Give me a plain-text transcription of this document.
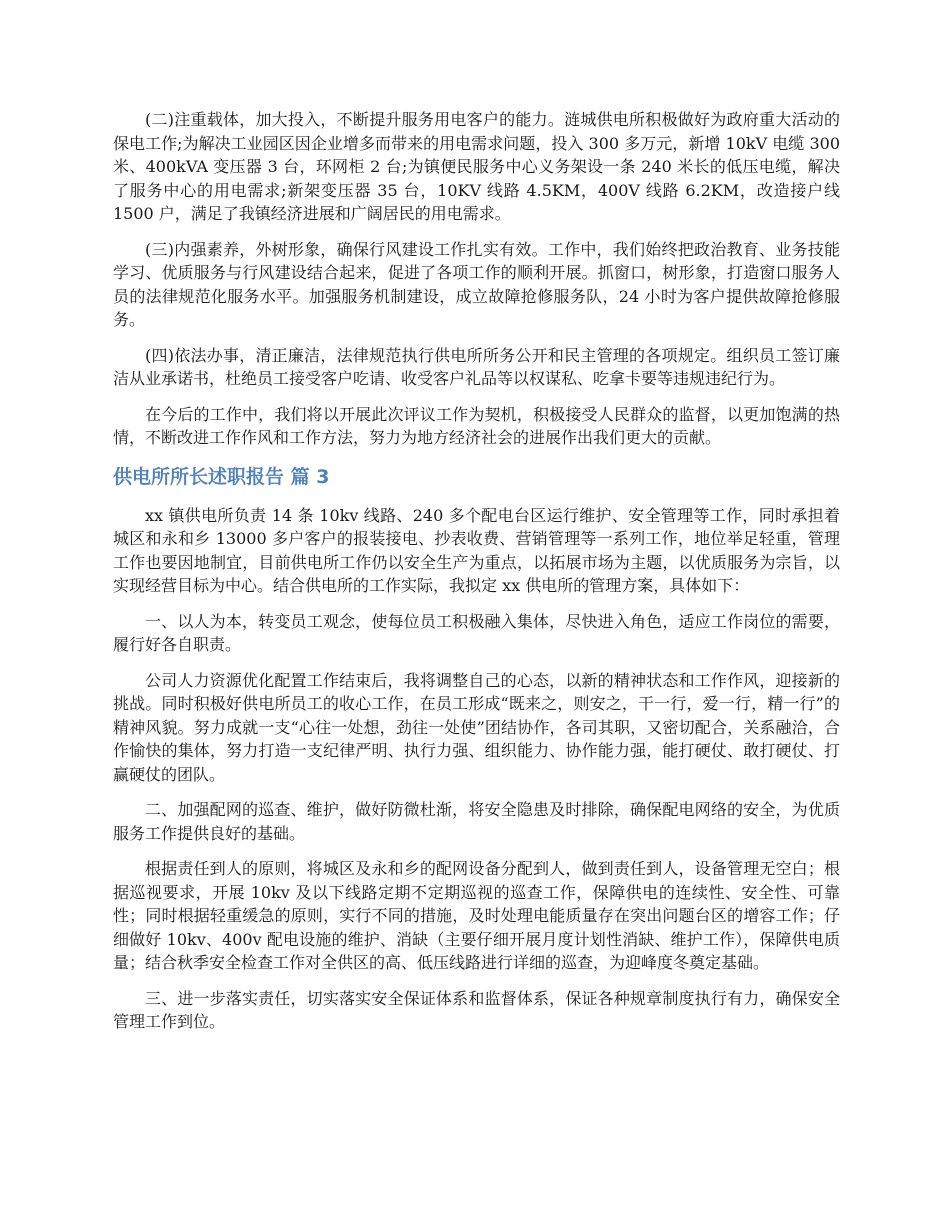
(二)注重载体，加大投入，不断提升服务用电客户的能力。涟城供电所积极做好为政府重大活动的保电工作;为解决工业园区因企业增多而带来的用电需求问题，投入 300 多万元，新增 10kV 电缆 300 米、400kVA 变压器 3 台，环网柜 2 台;为镇便民服务中心义务架设一条 240 米长的低压电缆，解决了服务中心的用电需求;新架变压器 35 台，10KV 线路 4.5KM，400V 线路 6.2KM，改造接户线 1500 户，满足了我镇经济进展和广阔居民的用电需求。

(三)内强素养，外树形象，确保行风建设工作扎实有效。工作中，我们始终把政治教育、业务技能学习、优质服务与行风建设结合起来，促进了各项工作的顺利开展。抓窗口，树形象，打造窗口服务人员的法律规范化服务水平。加强服务机制建设，成立故障抢修服务队，24 小时为客户提供故障抢修服务。

(四)依法办事，清正廉洁，法律规范执行供电所所务公开和民主管理的各项规定。组织员工签订廉洁从业承诺书，杜绝员工接受客户吃请、收受客户礼品等以权谋私、吃拿卡要等违规违纪行为。

在今后的工作中，我们将以开展此次评议工作为契机，积极接受人民群众的监督，以更加饱满的热情，不断改进工作作风和工作方法，努力为地方经济社会的进展作出我们更大的贡献。

供电所所长述职报告 篇 3

xx 镇供电所负责 14 条 10kv 线路、240 多个配电台区运行维护、安全管理等工作，同时承担着城区和永和乡 13000 多户客户的报装接电、抄表收费、营销管理等一系列工作，地位举足轻重，管理工作也要因地制宜，目前供电所工作仍以安全生产为重点，以拓展市场为主题，以优质服务为宗旨，以实现经营目标为中心。结合供电所的工作实际，我拟定 xx 供电所的管理方案，具体如下：

一、以人为本，转变员工观念，使每位员工积极融入集体，尽快进入角色，适应工作岗位的需要，履行好各自职责。

公司人力资源优化配置工作结束后，我将调整自己的心态，以新的精神状态和工作作风，迎接新的挑战。同时积极好供电所员工的收心工作，在员工形成“既来之，则安之，干一行，爱一行，精一行”的精神风貌。努力成就一支“心往一处想，劲往一处使”团结协作，各司其职，又密切配合，关系融洽，合作愉快的集体，努力打造一支纪律严明、执行力强、组织能力、协作能力强，能打硬仗、敢打硬仗、打赢硬仗的团队。

二、加强配网的巡查、维护，做好防微杜渐，将安全隐患及时排除，确保配电网络的安全，为优质服务工作提供良好的基础。

根据责任到人的原则，将城区及永和乡的配网设备分配到人，做到责任到人，设备管理无空白；根据巡视要求，开展 10kv 及以下线路定期不定期巡视的巡查工作，保障供电的连续性、安全性、可靠性；同时根据轻重缓急的原则，实行不同的措施，及时处理电能质量存在突出问题台区的增容工作；仔细做好 10kv、400v 配电设施的维护、消缺（主要仔细开展月度计划性消缺、维护工作），保障供电质量；结合秋季安全检查工作对全供区的高、低压线路进行详细的巡查，为迎峰度冬奠定基础。

三、进一步落实责任，切实落实安全保证体系和监督体系，保证各种规章制度执行有力，确保安全管理工作到位。
